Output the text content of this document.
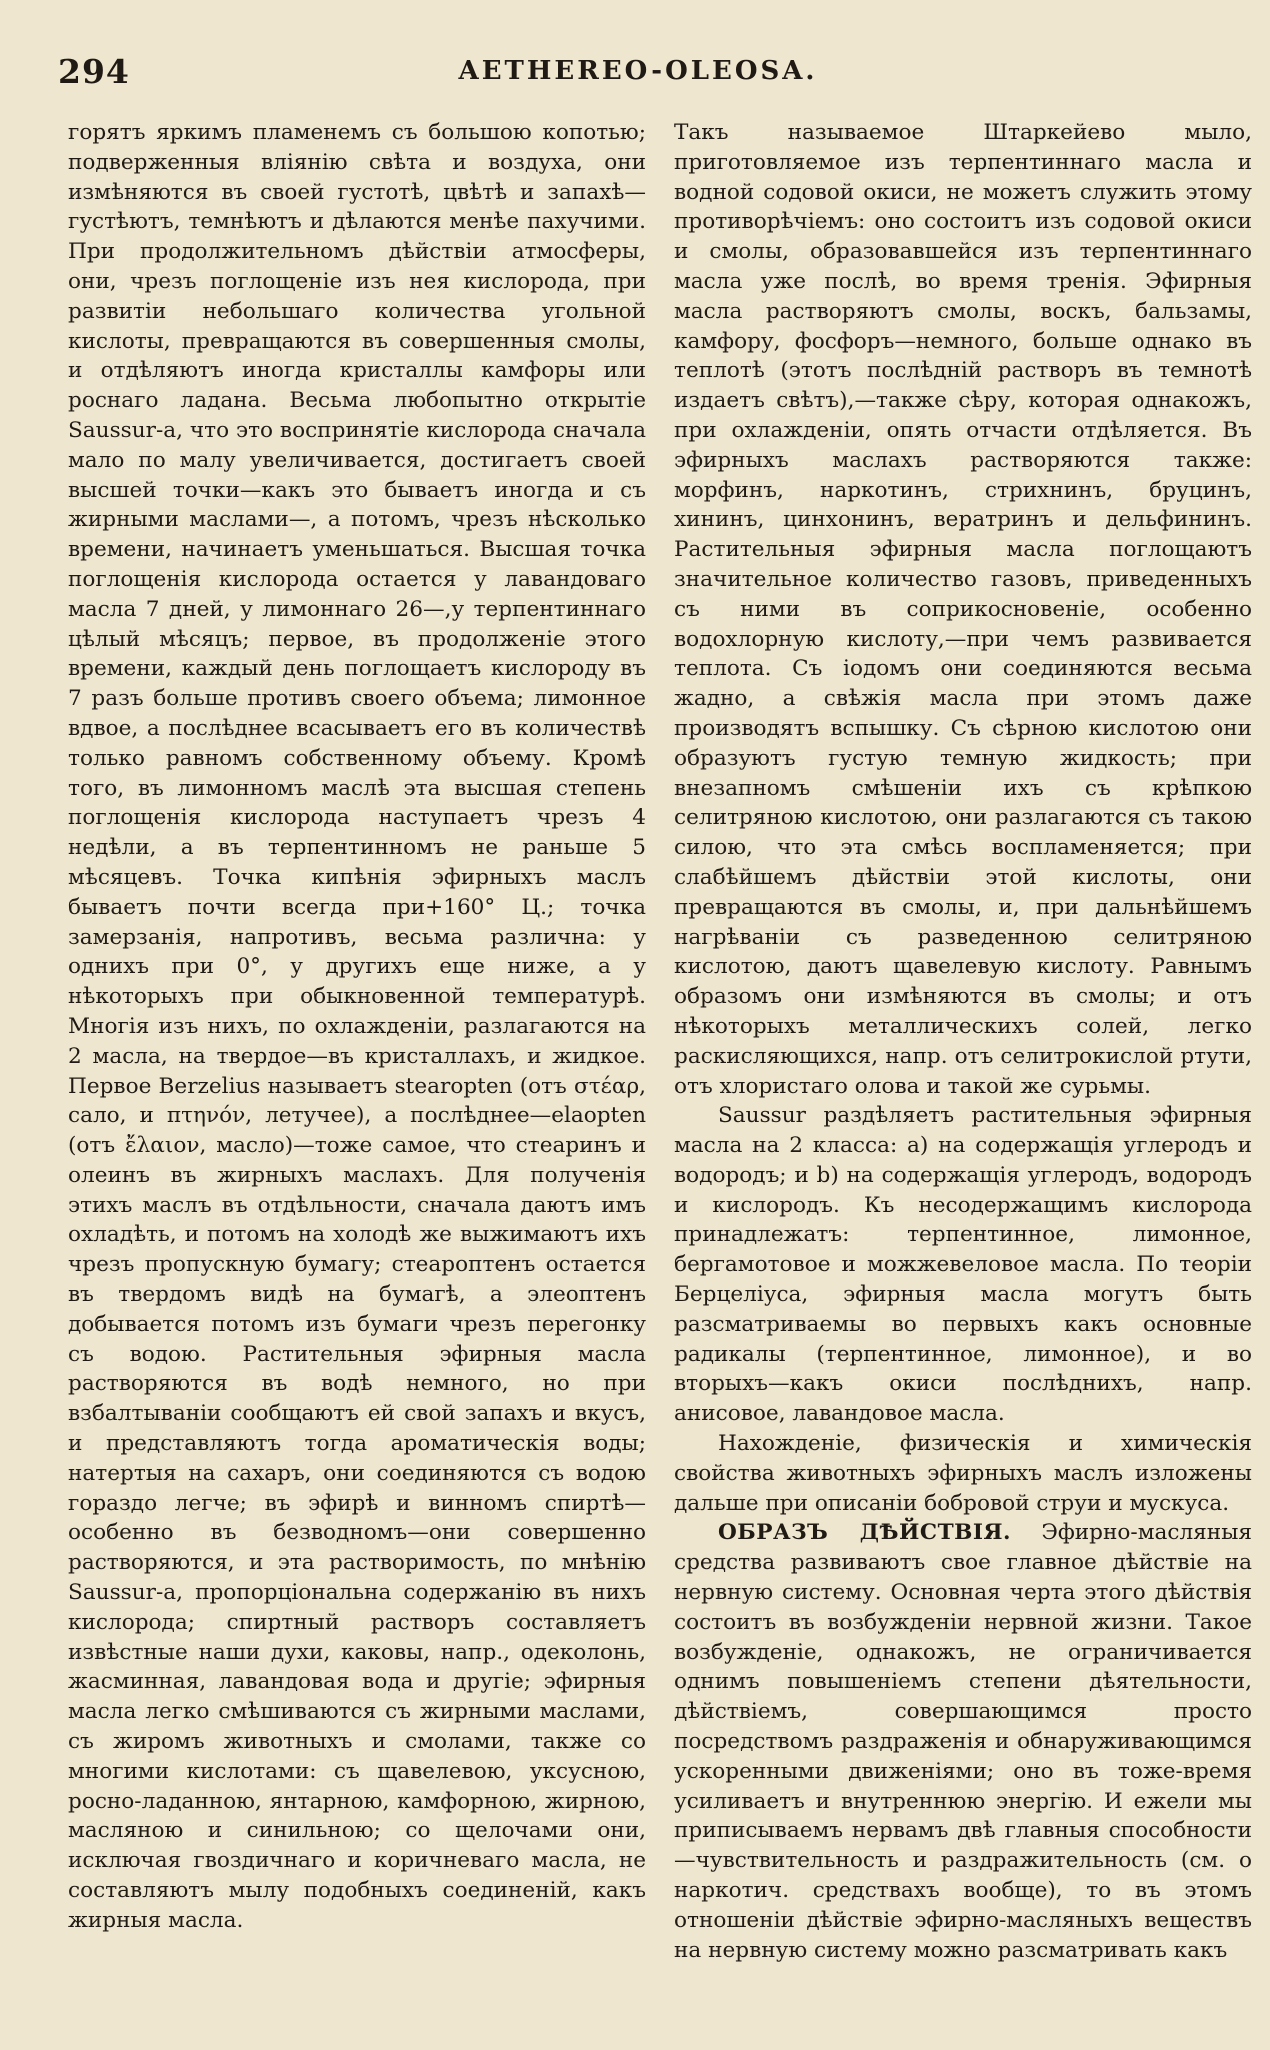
294	AETHEREO-OLEOSA.

горятъ яркимъ пламенемъ съ большою копотью; подверженныя вліянію свѣта и воздуха, они измѣняются въ своей густотѣ, цвѣтѣ и запахѣ—густѣютъ, темнѣютъ и дѣлаются менѣе пахучими. При продолжительномъ дѣйствіи атмосферы, они, чрезъ поглощеніе изъ нея кислорода, при развитіи небольшаго количества угольной кислоты, превращаются въ совершенныя смолы, и отдѣляютъ иногда кристаллы камфоры или роснаго ладана. Весьма любопытно открытіе Saussur-а, что это воспринятіе кислорода сначала мало по малу увеличивается, достигаетъ своей высшей точки—какъ это бываетъ иногда и съ жирными маслами—, а потомъ, чрезъ нѣсколько времени, начинаетъ уменьшаться. Высшая точка поглощенія кислорода остается у лавандоваго масла 7 дней, у лимоннаго 26—,у терпентиннаго цѣлый мѣсяцъ; первое, въ продолженіе этого времени, каждый день поглощаетъ кислороду въ 7 разъ больше противъ своего объема; лимонное вдвое, а послѣднее всасываетъ его въ количествѣ только равномъ собственному объему. Кромѣ того, въ лимонномъ маслѣ эта высшая степень поглощенія кислорода наступаетъ чрезъ 4 недѣли, а въ терпентинномъ не раньше 5 мѣсяцевъ. Точка кипѣнія эфирныхъ маслъ бываетъ почти всегда при+160° Ц.; точка замерзанія, напротивъ, весьма различна: у однихъ при 0°, у другихъ еще ниже, а у нѣкоторыхъ при обыкновенной температурѣ. Многія изъ нихъ, по охлажденіи, разлагаются на 2 масла, на твердое—въ кристаллахъ, и жидкое. Первое Berzelius называетъ stearopten (отъ στέαρ, сало, и πτηνόν, летучее), а послѣднее—elaopten (отъ ἔλαιον, масло)—тоже самое, что стеаринъ и олеинъ въ жирныхъ маслахъ. Для полученія этихъ маслъ въ отдѣльности, сначала даютъ имъ охладѣть, и потомъ на холодѣ же выжимаютъ ихъ чрезъ пропускную бумагу; стеароптенъ остается въ твердомъ видѣ на бумагѣ, а элеоптенъ добывается потомъ изъ бумаги чрезъ перегонку съ водою. Растительныя эфирныя масла растворяются въ водѣ немного, но при взбалтываніи сообщаютъ ей свой запахъ и вкусъ, и представляютъ тогда ароматическія воды; натертыя на сахаръ, они соединяются съ водою гораздо легче; въ эфирѣ и винномъ спиртѣ—особенно въ безводномъ—они совершенно растворяются, и эта растворимость, по мнѣнію Saussur-а, пропорціональна содержанію въ нихъ кислорода; спиртный растворъ составляетъ извѣстные наши духи, каковы, напр., одеколонь, жасминная, лавандовая вода и другіе; эфирныя масла легко смѣшиваются съ жирными маслами, съ жиромъ животныхъ и смолами, также со многими кислотами: съ щавелевою, уксусною, росно-ладанною, янтарною, камфорною, жирною, масляною и синильною; со щелочами они, исключая гвоздичнаго и коричневаго масла, не составляютъ мылу подобныхъ соединеній, какъ жирныя масла.

Такъ называемое Штаркейево мыло, приготовляемое изъ терпентиннаго масла и водной содовой окиси, не можетъ служить этому противорѣчіемъ: оно состоитъ изъ содовой окиси и смолы, образовавшейся изъ терпентиннаго масла уже послѣ, во время тренія. Эфирныя масла растворяютъ смолы, воскъ, бальзамы, камфору, фосфоръ—немного, больше однако въ теплотѣ (этотъ послѣдній растворъ въ темнотѣ издаетъ свѣтъ),—также сѣру, которая однакожъ, при охлажденіи, опять отчасти отдѣляется. Въ эфирныхъ маслахъ растворяются также: морфинъ, наркотинъ, стрихнинъ, бруцинъ, хининъ, цинхонинъ, вератринъ и дельфининъ. Растительныя эфирныя масла поглощаютъ значительное количество газовъ, приведенныхъ съ ними въ соприкосновеніе, особенно водохлорную кислоту,—при чемъ развивается теплота. Съ іодомъ они соединяются весьма жадно, а свѣжія масла при этомъ даже производятъ вспышку. Съ сѣрною кислотою они образуютъ густую темную жидкость; при внезапномъ смѣшеніи ихъ съ крѣпкою селитряною кислотою, они разлагаются съ такою силою, что эта смѣсь воспламеняется; при слабѣйшемъ дѣйствіи этой кислоты, они превращаются въ смолы, и, при дальнѣйшемъ нагрѣваніи съ разведенною селитряною кислотою, даютъ щавелевую кислоту. Равнымъ образомъ они измѣняются въ смолы; и отъ нѣкоторыхъ металлическихъ солей, легко раскисляющихся, напр. отъ селитрокислой ртути, отъ хлористаго олова и такой же сурьмы.

Saussur раздѣляетъ растительныя эфирныя масла на 2 класса: а) на содержащія углеродъ и водородъ; и b) на содержащія углеродъ, водородъ и кислородъ. Къ несодержащимъ кислорода принадлежатъ: терпентинное, лимонное, бергамотовое и можжевеловое масла. По теоріи Берцеліуса, эфирныя масла могутъ быть разсматриваемы во первыхъ какъ основные радикалы (терпентинное, лимонное), и во вторыхъ—какъ окиси послѣднихъ, напр. анисовое, лавандовое масла.

Нахожденіе, физическія и химическія свойства животныхъ эфирныхъ маслъ изложены дальше при описаніи бобровой струи и мускуса.

ОБРАЗЪ ДѢЙСТВІЯ. Эфирно-масляныя средства развиваютъ свое главное дѣйствіе на нервную систему. Основная черта этого дѣйствія состоитъ въ возбужденіи нервной жизни. Такое возбужденіе, однакожъ, не ограничивается однимъ повышеніемъ степени дѣятельности, дѣйствіемъ, совершающимся просто посредствомъ раздраженія и обнаруживающимся ускоренными движеніями; оно въ тоже-время усиливаетъ и внутреннюю энергію. И ежели мы приписываемъ нервамъ двѣ главныя способности—чувствительность и раздражительность (см. о наркотич. средствахъ вообще), то въ этомъ отношеніи дѣйствіе эфирно-масляныхъ веществъ на нервную систему можно разсматривать какъ
